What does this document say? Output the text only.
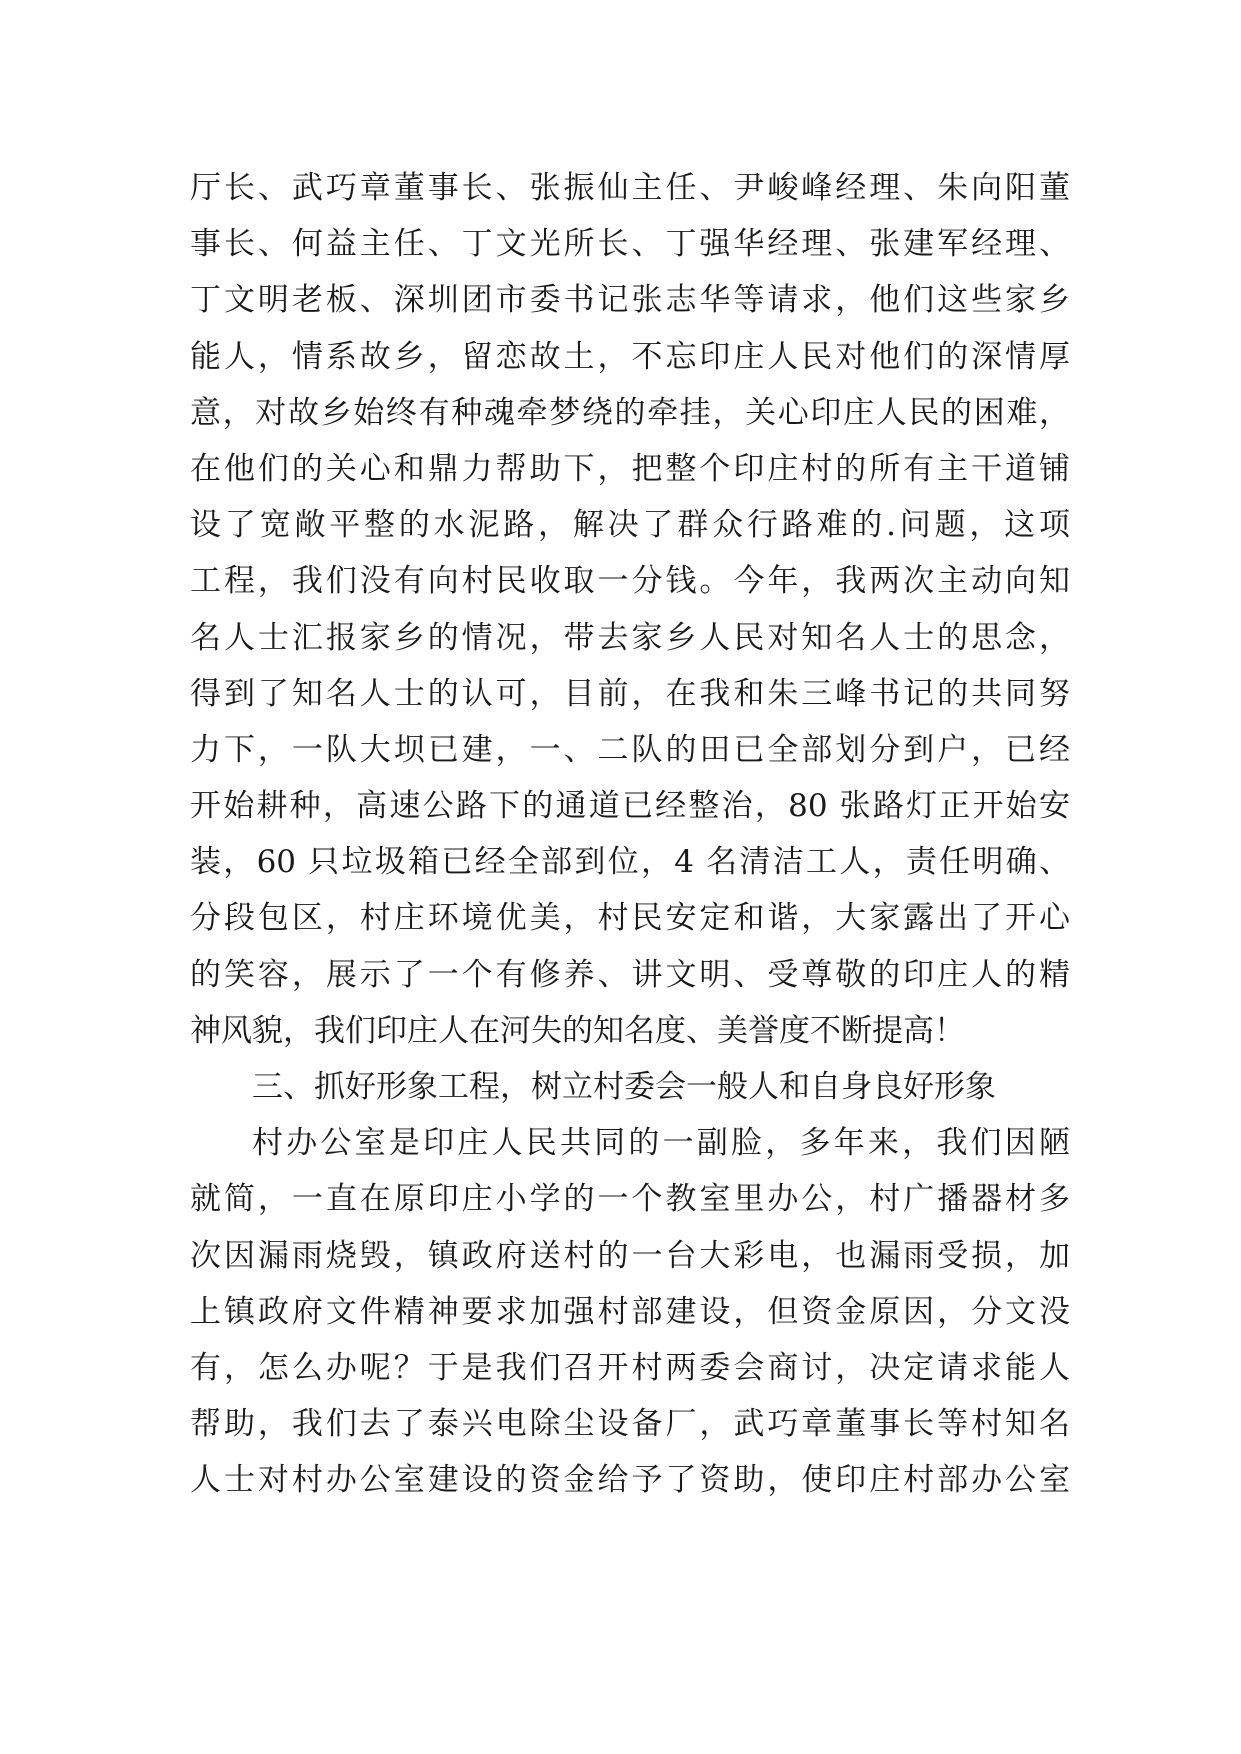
厅长、武巧章董事长、张振仙主任、尹峻峰经理、朱向阳董
事长、何益主任、丁文光所长、丁强华经理、张建军经理、
丁文明老板、深圳团市委书记张志华等请求，他们这些家乡
能人，情系故乡，留恋故土，不忘印庄人民对他们的深情厚
意，对故乡始终有种魂牵梦绕的牵挂，关心印庄人民的困难，
在他们的关心和鼎力帮助下，把整个印庄村的所有主干道铺
设了宽敞平整的水泥路，解决了群众行路难的.问题，这项
工程，我们没有向村民收取一分钱。今年，我两次主动向知
名人士汇报家乡的情况，带去家乡人民对知名人士的思念，
得到了知名人士的认可，目前，在我和朱三峰书记的共同努
力下，一队大坝已建，一、二队的田已全部划分到户，已经
开始耕种，高速公路下的通道已经整治，80 张路灯正开始安
装，60 只垃圾箱已经全部到位，4 名清洁工人，责任明确、
分段包区，村庄环境优美，村民安定和谐，大家露出了开心
的笑容，展示了一个有修养、讲文明、受尊敬的印庄人的精
神风貌，我们印庄人在河失的知名度、美誉度不断提高！
三、抓好形象工程，树立村委会一般人和自身良好形象
村办公室是印庄人民共同的一副脸，多年来，我们因陋
就简，一直在原印庄小学的一个教室里办公，村广播器材多
次因漏雨烧毁，镇政府送村的一台大彩电，也漏雨受损，加
上镇政府文件精神要求加强村部建设，但资金原因，分文没
有，怎么办呢？于是我们召开村两委会商讨，决定请求能人
帮助，我们去了泰兴电除尘设备厂，武巧章董事长等村知名
人士对村办公室建设的资金给予了资助，使印庄村部办公室
